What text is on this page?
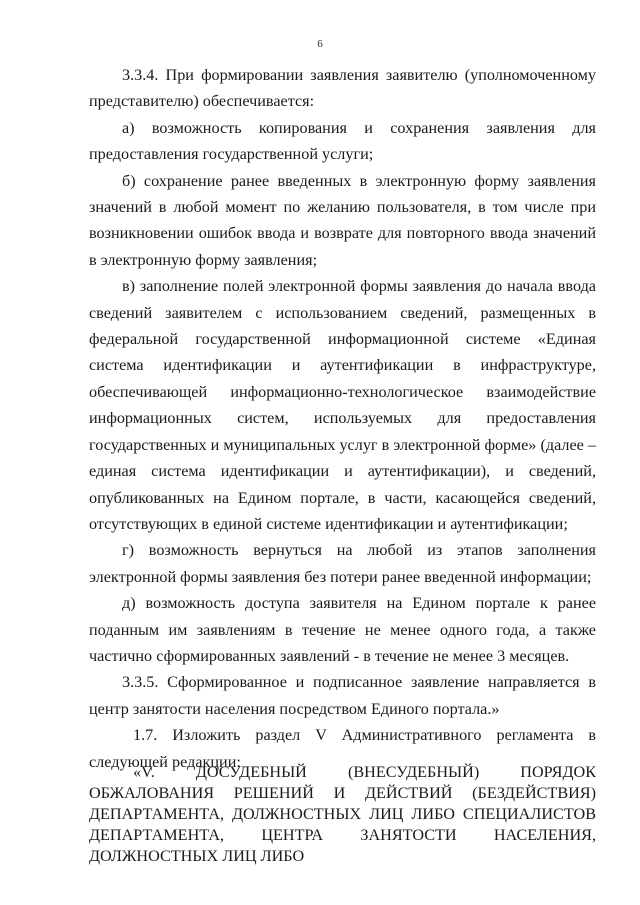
6

3.3.4. При формировании заявления заявителю (уполномоченному представителю) обеспечивается:

а) возможность копирования и сохранения заявления для предоставления государственной услуги;

б) сохранение ранее введенных в электронную форму заявления значений в любой момент по желанию пользователя, в том числе при возникновении ошибок ввода и возврате для повторного ввода значений в электронную форму заявления;

в) заполнение полей электронной формы заявления до начала ввода сведений заявителем с использованием сведений, размещенных в федеральной государственной информационной системе «Единая система идентификации и аутентификации в инфраструктуре, обеспечивающей информационно-технологическое взаимодействие информационных систем, используемых для предоставления государственных и муниципальных услуг в электронной форме» (далее – единая система идентификации и аутентификации), и сведений, опубликованных на Едином портале, в части, касающейся сведений, отсутствующих в единой системе идентификации и аутентификации;

г) возможность вернуться на любой из этапов заполнения электронной формы заявления без потери ранее введенной информации;

д) возможность доступа заявителя на Едином портале к ранее поданным им заявлениям в течение не менее одного года, а также частично сформированных заявлений - в течение не менее 3 месяцев.

3.3.5. Сформированное и подписанное заявление направляется в центр занятости населения посредством Единого портала.»

1.7. Изложить раздел V Административного регламента в следующей редакции:

«V. ДОСУДЕБНЫЙ (ВНЕСУДЕБНЫЙ) ПОРЯДОК ОБЖАЛОВАНИЯ РЕШЕНИЙ И ДЕЙСТВИЙ (БЕЗДЕЙСТВИЯ) ДЕПАРТАМЕНТА, ДОЛЖНОСТНЫХ ЛИЦ ЛИБО СПЕЦИАЛИСТОВ ДЕПАРТАМЕНТА, ЦЕНТРА ЗАНЯТОСТИ НАСЕЛЕНИЯ, ДОЛЖНОСТНЫХ ЛИЦ ЛИБО
